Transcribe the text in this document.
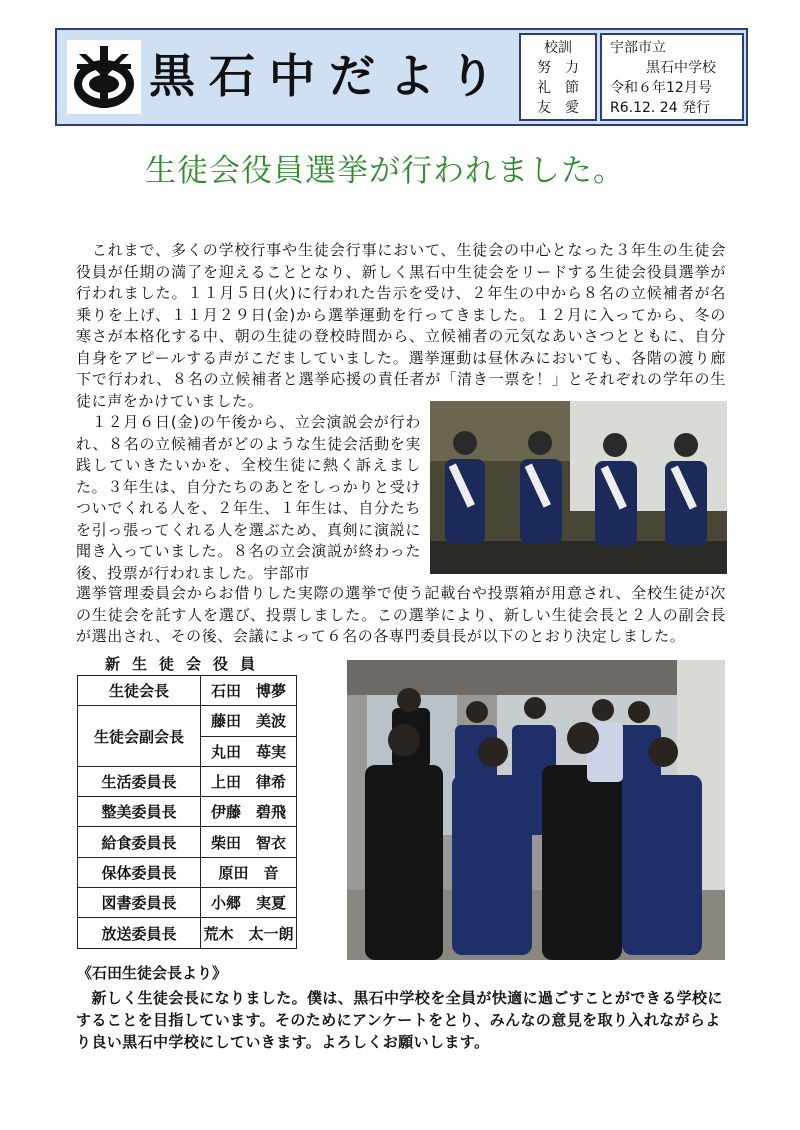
黒石中だより
校訓
努　力
礼　節
友　愛
宇部市立
黒石中学校
令和６年12月号
R6.12. 24 発行
生徒会役員選挙が行われました。
　これまで、多くの学校行事や生徒会行事において、生徒会の中心となった３年生の生徒会役員が任期の満了を迎えることとなり、新しく黒石中生徒会をリードする生徒会役員選挙が行われました。１１月５日(火)に行われた告示を受け、２年生の中から８名の立候補者が名乗りを上げ、１１月２９日(金)から選挙運動を行ってきました。１２月に入ってから、冬の寒さが本格化する中、朝の生徒の登校時間から、立候補者の元気なあいさつとともに、自分自身をアピールする声がこだましていました。選挙運動は昼休みにおいても、各階の渡り廊下で行われ、８名の立候補者と選挙応援の責任者が「清き一票を！」とそれぞれの学年の生徒に声をかけていました。
　１２月６日(金)の午後から、立会演説会が行われ、８名の立候補者がどのような生徒会活動を実践していきたいかを、全校生徒に熱く訴えました。３年生は、自分たちのあとをしっかりと受けついでくれる人を、２年生、１年生は、自分たちを引っ張ってくれる人を選ぶため、真剣に演説に聞き入っていました。８名の立会演説が終わった後、投票が行われました。宇部市
選挙管理委員会からお借りした実際の選挙で使う記載台や投票箱が用意され、全校生徒が次の生徒会を託す人を選び、投票しました。この選挙により、新しい生徒会長と２人の副会長が選出され、その後、会議によって６名の各専門委員長が以下のとおり決定しました。
新生徒会役員
生徒会長	石田　博夢
生徒会副会長	藤田　美波
	丸田　苺実
生活委員長	上田　律希
整美委員長	伊藤　碧飛
給食委員長	柴田　智衣
保体委員長	原田　音
図書委員長	小郷　実夏
放送委員長	荒木　太一朗
《石田生徒会長より》
　新しく生徒会長になりました。僕は、黒石中学校を全員が快適に過ごすことができる学校にすることを目指しています。そのためにアンケートをとり、みんなの意見を取り入れながらより良い黒石中学校にしていきます。よろしくお願いします。
